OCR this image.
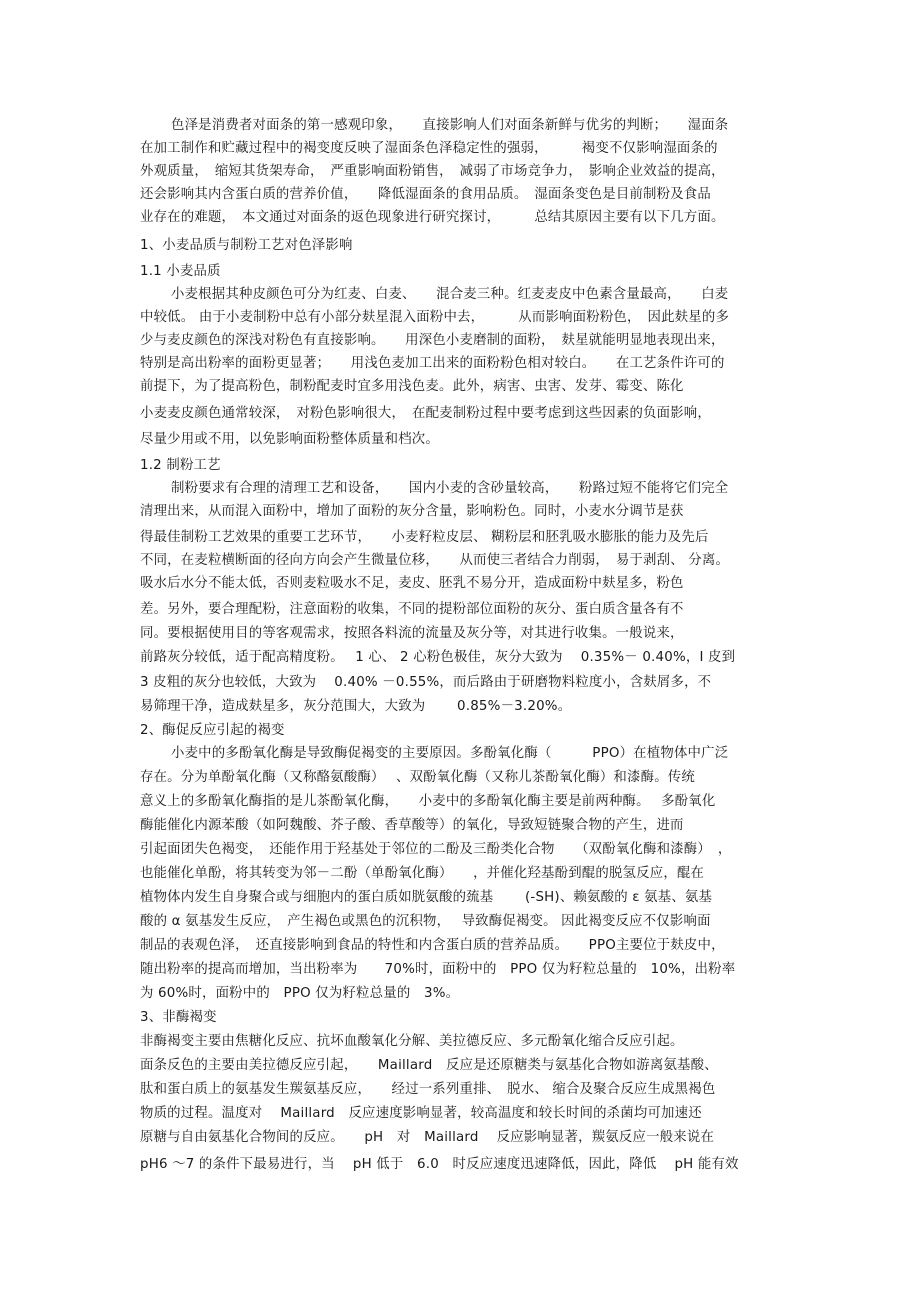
色泽是消费者对面条的第一感观印象，　　直接影响人们对面条新鲜与优劣的判断；　　湿面条
在加工制作和贮藏过程中的褐变度反映了湿面条色泽稳定性的强弱，　　　褐变不仅影响湿面条的
外观质量，　缩短其货架寿命，　严重影响面粉销售，　减弱了市场竞争力，　影响企业效益的提高，
还会影响其内含蛋白质的营养价值，　　降低湿面条的食用品质。　湿面条变色是目前制粉及食品
业存在的难题，　本文通过对面条的返色现象进行研究探讨，　　　总结其原因主要有以下几方面。
1、小麦品质与制粉工艺对色泽影响
1.1 小麦品质
小麦根据其种皮颜色可分为红麦、白麦、　　混合麦三种。红麦麦皮中色素含量最高，　　白麦
中较低。 由于小麦制粉中总有小部分麸星混入面粉中去，　　　从而影响面粉粉色，　因此麸星的多
少与麦皮颜色的深浅对粉色有直接影响。　　用深色小麦磨制的面粉，　麸星就能明显地表现出来，
特别是高出粉率的面粉更显著；　　用浅色麦加工出来的面粉粉色相对较白。　　在工艺条件许可的
前提下，为了提高粉色，制粉配麦时宜多用浅色麦。此外，病害、虫害、发芽、霉变、陈化
小麦麦皮颜色通常较深，　对粉色影响很大，　在配麦制粉过程中要考虑到这些因素的负面影响，
尽量少用或不用，以免影响面粉整体质量和档次。
1.2 制粉工艺
制粉要求有合理的清理工艺和设备，　　国内小麦的含砂量较高，　　粉路过短不能将它们完全
清理出来，从而混入面粉中，增加了面粉的灰分含量，影响粉色。同时，小麦水分调节是获
得最佳制粉工艺效果的重要工艺环节，　　小麦籽粒皮层、 糊粉层和胚乳吸水膨胀的能力及先后
不同，在麦粒横断面的径向方向会产生微量位移，　　从而使三者结合力削弱，　易于剥刮、 分离。
吸水后水分不能太低，否则麦粒吸水不足，麦皮、胚乳不易分开，造成面粉中麸星多，粉色
差。另外，要合理配粉，注意面粉的收集，不同的提粉部位面粉的灰分、蛋白质含量各有不
同。要根据使用目的等客观需求，按照各料流的流量及灰分等，对其进行收集。一般说来，
前路灰分较低，适于配高精度粉。　 1 心、 2 心粉色极佳，灰分大致为　 0.35%－ 0.40%，I 皮到
3 皮粗的灰分也较低，大致为　 0.40% －0.55%，而后路由于研磨物料粒度小，含麸屑多，不
易筛理干净，造成麸星多，灰分范围大，大致为　　 0.85%－3.20%。
2、酶促反应引起的褐变
小麦中的多酚氧化酶是导致酶促褐变的主要原因。多酚氧化酶（　　　PPO）在植物体中广泛
存在。分为单酚氧化酶（又称酪氨酸酶）　 、双酚氧化酶（又称儿茶酚氧化酶）和漆酶。传统
意义上的多酚氧化酶指的是儿茶酚氧化酶，　　小麦中的多酚氧化酶主要是前两种酶。　 多酚氧化
酶能催化内源苯酸（如阿魏酸、芥子酸、香草酸等）的氧化，导致短链聚合物的产生，进而
引起面团失色褐变，　还能作用于羟基处于邻位的二酚及三酚类化合物　　（双酚氧化酶和漆酶）　，
也能催化单酚，将其转变为邻－二酚（单酚氧化酶）　　，并催化羟基酚到醌的脱氢反应，醌在
植物体内发生自身聚合或与细胞内的蛋白质如胱氨酸的巯基　　 (-SH)、赖氨酸的 ε 氨基、氨基
酸的 α 氨基发生反应，　产生褐色或黑色的沉积物，　 导致酶促褐变。 因此褐变反应不仅影响面
制品的表观色泽，　还直接影响到食品的特性和内含蛋白质的营养品质。　　PPO主要位于麸皮中，
随出粉率的提高而增加，当出粉率为　　70%时，面粉中的　PPO 仅为籽粒总量的　10%，出粉率
为 60%时，面粉中的　PPO 仅为籽粒总量的　3%。
3、非酶褐变
非酶褐变主要由焦糖化反应、抗坏血酸氧化分解、美拉德反应、多元酚氧化缩合反应引起。
面条反色的主要由美拉德反应引起，　　Maillard　反应是还原糖类与氨基化合物如游离氨基酸、
肽和蛋白质上的氨基发生羰氨基反应，　　经过一系列重排、　脱水、 缩合及聚合反应生成黑褐色
物质的过程。温度对　 Maillard　反应速度影响显著，较高温度和较长时间的杀菌均可加速还
原糖与自由氨基化合物间的反应。　　pH　对　Maillard　 反应影响显著，羰氨反应一般来说在
pH6 ～7 的条件下最易进行，当　 pH 低于　6.0　时反应速度迅速降低，因此，降低　 pH 能有效
